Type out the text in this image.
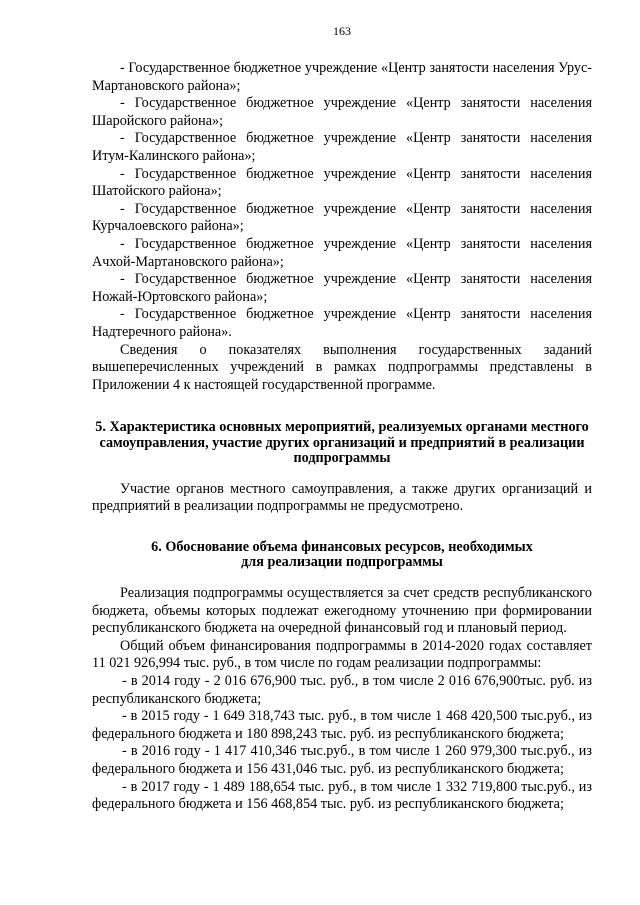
163
- Государственное бюджетное учреждение «Центр занятости населения Урус-Мартановского района»;
- Государственное бюджетное учреждение «Центр занятости населения Шаройского района»;
- Государственное бюджетное учреждение «Центр занятости населения Итум-Калинского района»;
- Государственное бюджетное учреждение «Центр занятости населения Шатойского района»;
- Государственное бюджетное учреждение «Центр занятости населения Курчалоевского района»;
- Государственное бюджетное учреждение «Центр занятости населения Ачхой-Мартановского района»;
- Государственное бюджетное учреждение «Центр занятости населения Ножай-Юртовского района»;
- Государственное бюджетное учреждение «Центр занятости населения Надтеречного района».
Сведения о показателях выполнения государственных заданий вышеперечисленных учреждений в рамках подпрограммы представлены в Приложении 4 к настоящей государственной программе.
5. Характеристика основных мероприятий, реализуемых органами местного самоуправления, участие других организаций и предприятий в реализации подпрограммы
Участие органов местного самоуправления, а также других организаций и предприятий в реализации подпрограммы не предусмотрено.
6. Обоснование объема финансовых ресурсов, необходимых
для реализации подпрограммы
Реализация подпрограммы осуществляется за счет средств республиканского бюджета, объемы которых подлежат ежегодному уточнению при формировании республиканского бюджета на очередной финансовый год и плановый период.
Общий объем финансирования подпрограммы в 2014-2020 годах составляет 11 021 926,994 тыс. руб., в том числе по годам реализации подпрограммы:
- в 2014 году - 2 016 676,900 тыс. руб., в том числе 2 016 676,900тыс. руб. из республиканского бюджета;
- в 2015 году - 1 649 318,743 тыс. руб., в том числе 1 468 420,500 тыс.руб., из федерального бюджета и 180 898,243 тыс. руб. из республиканского бюджета;
- в 2016 году - 1 417 410,346 тыс.руб., в том числе 1 260 979,300 тыс.руб., из федерального бюджета и 156 431,046 тыс. руб. из республиканского бюджета;
- в 2017 году - 1 489 188,654 тыс. руб., в том числе 1 332 719,800 тыс.руб., из федерального бюджета и 156 468,854 тыс. руб. из республиканского бюджета;
